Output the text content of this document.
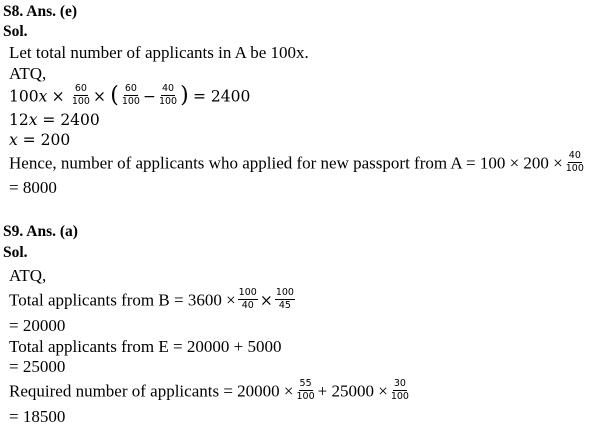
S8. Ans. (e)
Sol.
Let total number of applicants in A be 100x.
ATQ,
$100x \times \frac{60}{100}$ × ( $\frac{60}{100} - \frac{40}{100}$ ) = 2400
12x = 2400
x = 200
Hence, number of applicants who applied for new passport from $A = 100 \times 200 \times \frac{40}{100}$
= 8000
S9. Ans. (a)
Sol.
ATQ,
Total applicants from $B = 3600 \times \frac{100}{40} \times \frac{100}{45}$
= 20000
Total applicants from E = 20000 + 5000
= 25000
Required number of applicants = $20000 \times \frac{55}{100} + 25000 \times \frac{30}{100}$
= 18500
